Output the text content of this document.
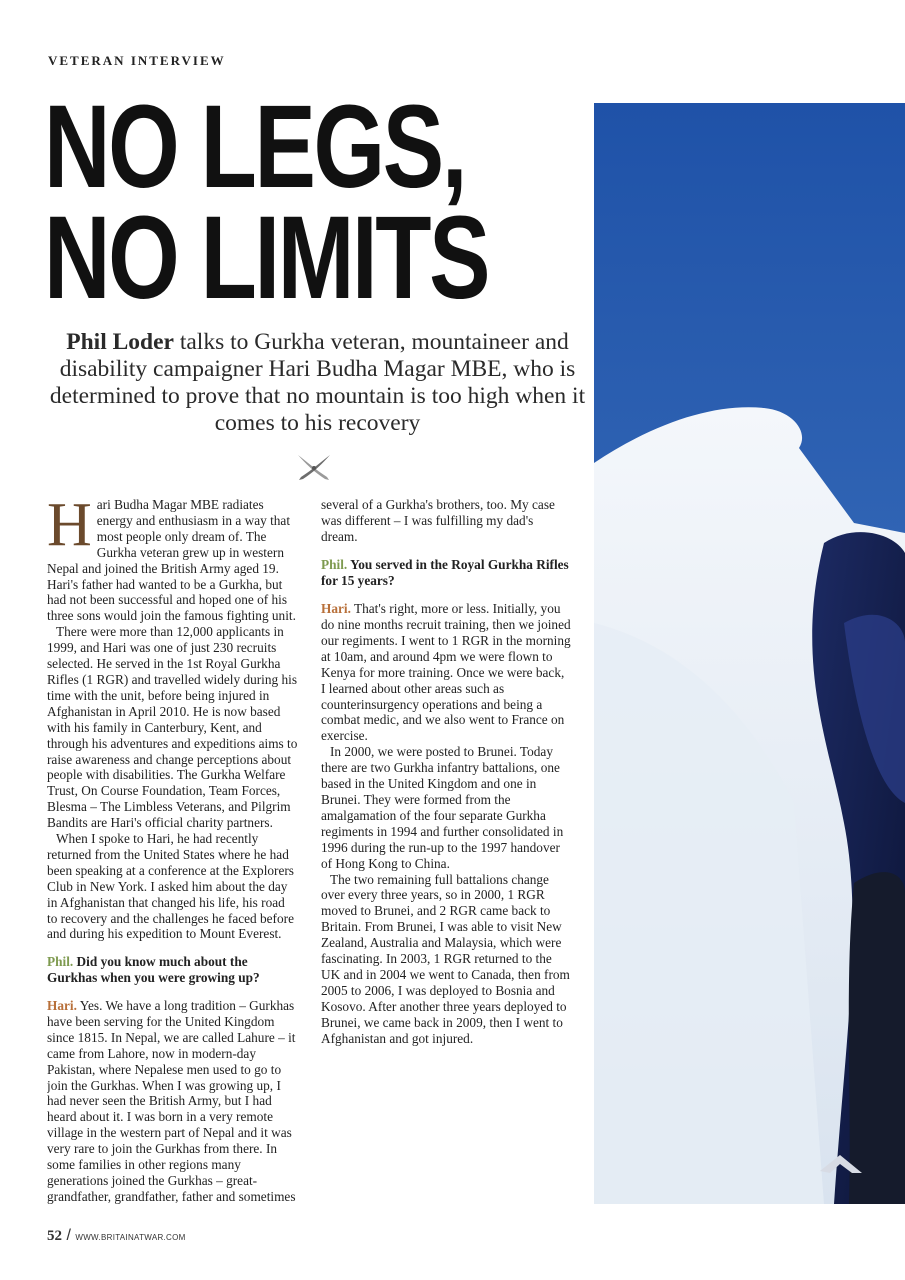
VETERAN INTERVIEW
NO LEGS,
NO LIMITS
Phil Loder talks to Gurkha veteran, mountaineer and disability campaigner Hari Budha Magar MBE, who is determined to prove that no mountain is too high when it comes to his recovery

Hari Budha Magar MBE radiates energy and enthusiasm in a way that most people only dream of. The Gurkha veteran grew up in western Nepal and joined the British Army aged 19. Hari's father had wanted to be a Gurkha, but had not been successful and hoped one of his three sons would join the famous fighting unit.

There were more than 12,000 applicants in 1999, and Hari was one of just 230 recruits selected. He served in the 1st Royal Gurkha Rifles (1 RGR) and travelled widely during his time with the unit, before being injured in Afghanistan in April 2010. He is now based with his family in Canterbury, Kent, and through his adventures and expeditions aims to raise awareness and change perceptions about people with disabilities. The Gurkha Welfare Trust, On Course Foundation, Team Forces, Blesma – The Limbless Veterans, and Pilgrim Bandits are Hari's official charity partners.

When I spoke to Hari, he had recently returned from the United States where he had been speaking at a conference at the Explorers Club in New York. I asked him about the day in Afghanistan that changed his life, his road to recovery and the challenges he faced before and during his expedition to Mount Everest.

Phil. Did you know much about the Gurkhas when you were growing up?

Phil. You served in the Royal Gurkha Rifles for 15 years?

Hari. That's right, more or less. Initially, you do nine months recruit training, then we joined our regiments. I went to 1 RGR in the morning at 10am, and around 4pm we were flown to Kenya for more training. Once we were back, I learned about other areas such as counterinsurgency operations and being a combat medic, and we also went to France on exercise.

In 2000, we were posted to Brunei. Today there are two Gurkha infantry battalions, one based in the United Kingdom and one in Brunei. They were formed from the amalgamation of the four separate Gurkha regiments in 1994 and further consolidated in 1996 during the run-up to the 1997 handover of Hong Kong to China.

The two remaining full battalions change over every three years, so in 2000, 1 RGR moved to Brunei, and 2 RGR came back to Britain. From Brunei, I was able to visit New Zealand, Australia and Malaysia, which were fascinating. In 2003, 1 RGR returned to the UK and in 2004 we went to Canada, then from 2005 to 2006, I was deployed to Bosnia and Kosovo. After another three years deployed to Brunei, we came back in 2009, then I went to Afghanistan and got injured.

Hari. Yes. We have a long tradition – Gurkhas have been serving for the United Kingdom since 1815. In Nepal, we are called Lahure – it came from Lahore, now in modern-day Pakistan, where Nepalese men used to go to join the Gurkhas. When I was growing up, I had never seen the British Army, but I had heard about it. I was born in a very remote village in the western part of Nepal and it was very rare to join the Gurkhas from there. In some families in other regions many generations joined the Gurkhas – great-grandfather, grandfather, father and sometimes

52 / WWW.BRITAINATWAR.COM

several of a Gurkha's brothers, too. My case was different – I was fulfilling my dad's dream.
